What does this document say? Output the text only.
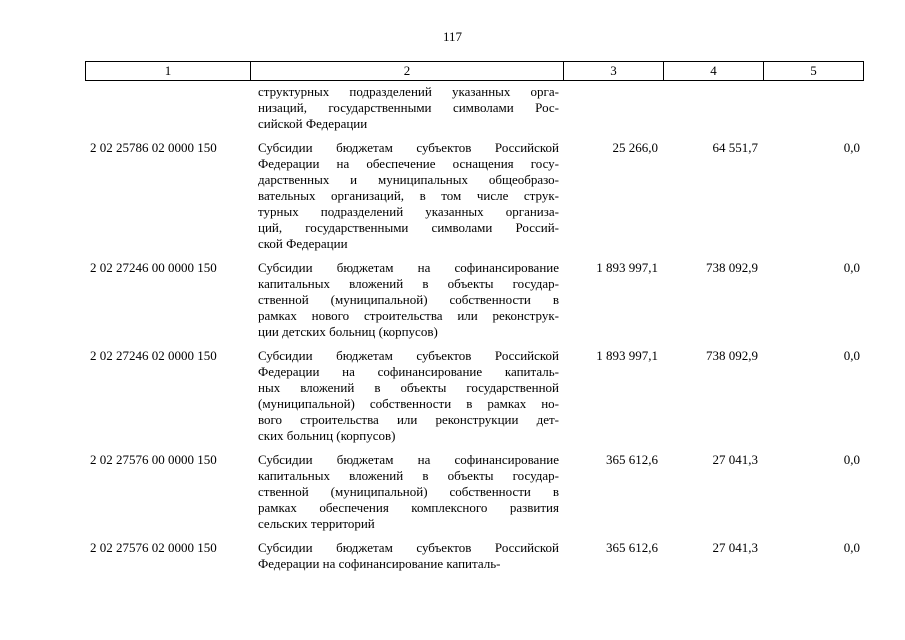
117
1	2	3	4	5
структурных подразделений указанных орга-
низаций, государственными символами Рос-
сийской Федерации
2 02 25786 02 0000 150	Субсидии бюджетам субъектов Российской
Федерации на обеспечение оснащения госу-
дарственных и муниципальных общеобразо-
вательных организаций, в том числе струк-
турных подразделений указанных организа-
ций, государственными символами Россий-
ской Федерации
25 266,0	64 551,7	0,0
2 02 27246 00 0000 150	Субсидии бюджетам на софинансирование
капитальных вложений в объекты государ-
ственной (муниципальной) собственности в
рамках нового строительства или реконструк-
ции детских больниц (корпусов)
1 893 997,1	738 092,9	0,0
2 02 27246 02 0000 150	Субсидии бюджетам субъектов Российской
Федерации на софинансирование капиталь-
ных вложений в объекты государственной
(муниципальной) собственности в рамках но-
вого строительства или реконструкции дет-
ских больниц (корпусов)
1 893 997,1	738 092,9	0,0
2 02 27576 00 0000 150	Субсидии бюджетам на софинансирование
капитальных вложений в объекты государ-
ственной (муниципальной) собственности в
рамках обеспечения комплексного развития
сельских территорий
365 612,6	27 041,3	0,0
2 02 27576 02 0000 150	Субсидии бюджетам субъектов Российской
Федерации на софинансирование капиталь-
365 612,6	27 041,3	0,0
